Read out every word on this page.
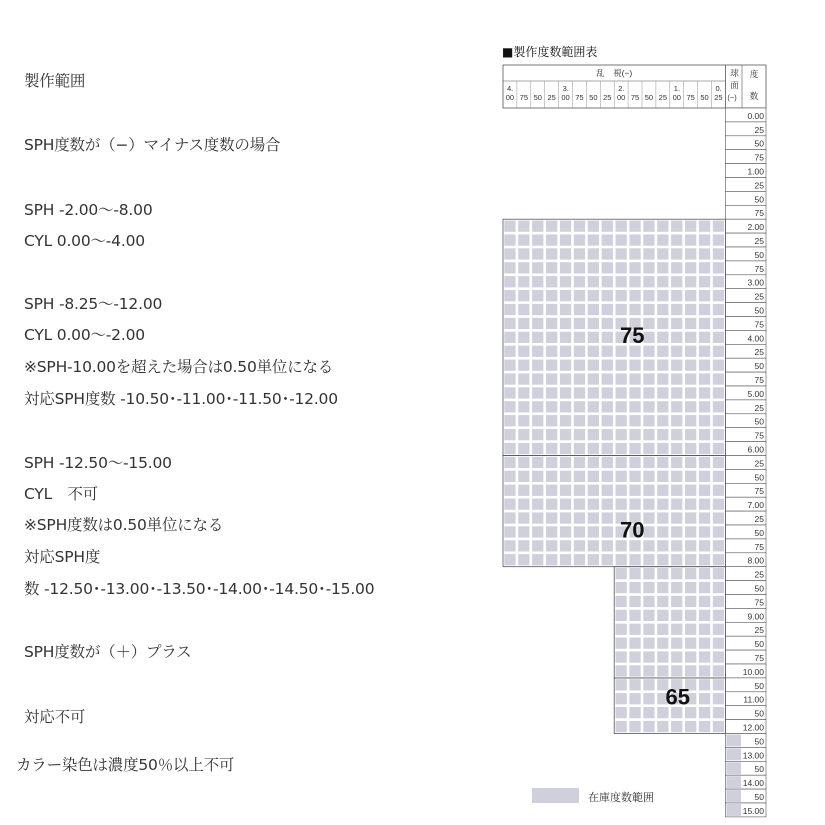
製作範囲
SPH度数が（−）マイナス度数の場合
SPH -2.00〜-8.00
CYL 0.00〜-4.00
SPH -8.25〜-12.00
CYL 0.00〜-2.00
※SPH-10.00を超えた場合は0.50単位になる
対応SPH度数 -10.50･-11.00･-11.50･-12.00
SPH -12.50〜-15.00
CYL　不可
※SPH度数は0.50単位になる
対応SPH度
数 -12.50･-13.00･-13.50･-14.00･-14.50･-15.00
SPH度数が（＋）プラス
対応不可
カラー染色は濃度50％以上不可
■製作度数範囲表
乱　視(−)
4.
00 75 50 25
3.
00 75 50 25
2.
00 75 50 25
1.
00 75 50
0.
25
球
面
(−)
度
数
0.00
25
50
75
1.00
25
50
75
2.00
25
50
75
3.00
25
50
75
4.00
25
50
75
5.00
25
50
75
6.00
25
50
75
7.00
25
50
75
8.00
25
50
75
9.00
25
50
75
10.00
50
11.00
50
12.00
50
13.00
50
14.00
50
15.00
75
70
65
在庫度数範囲
